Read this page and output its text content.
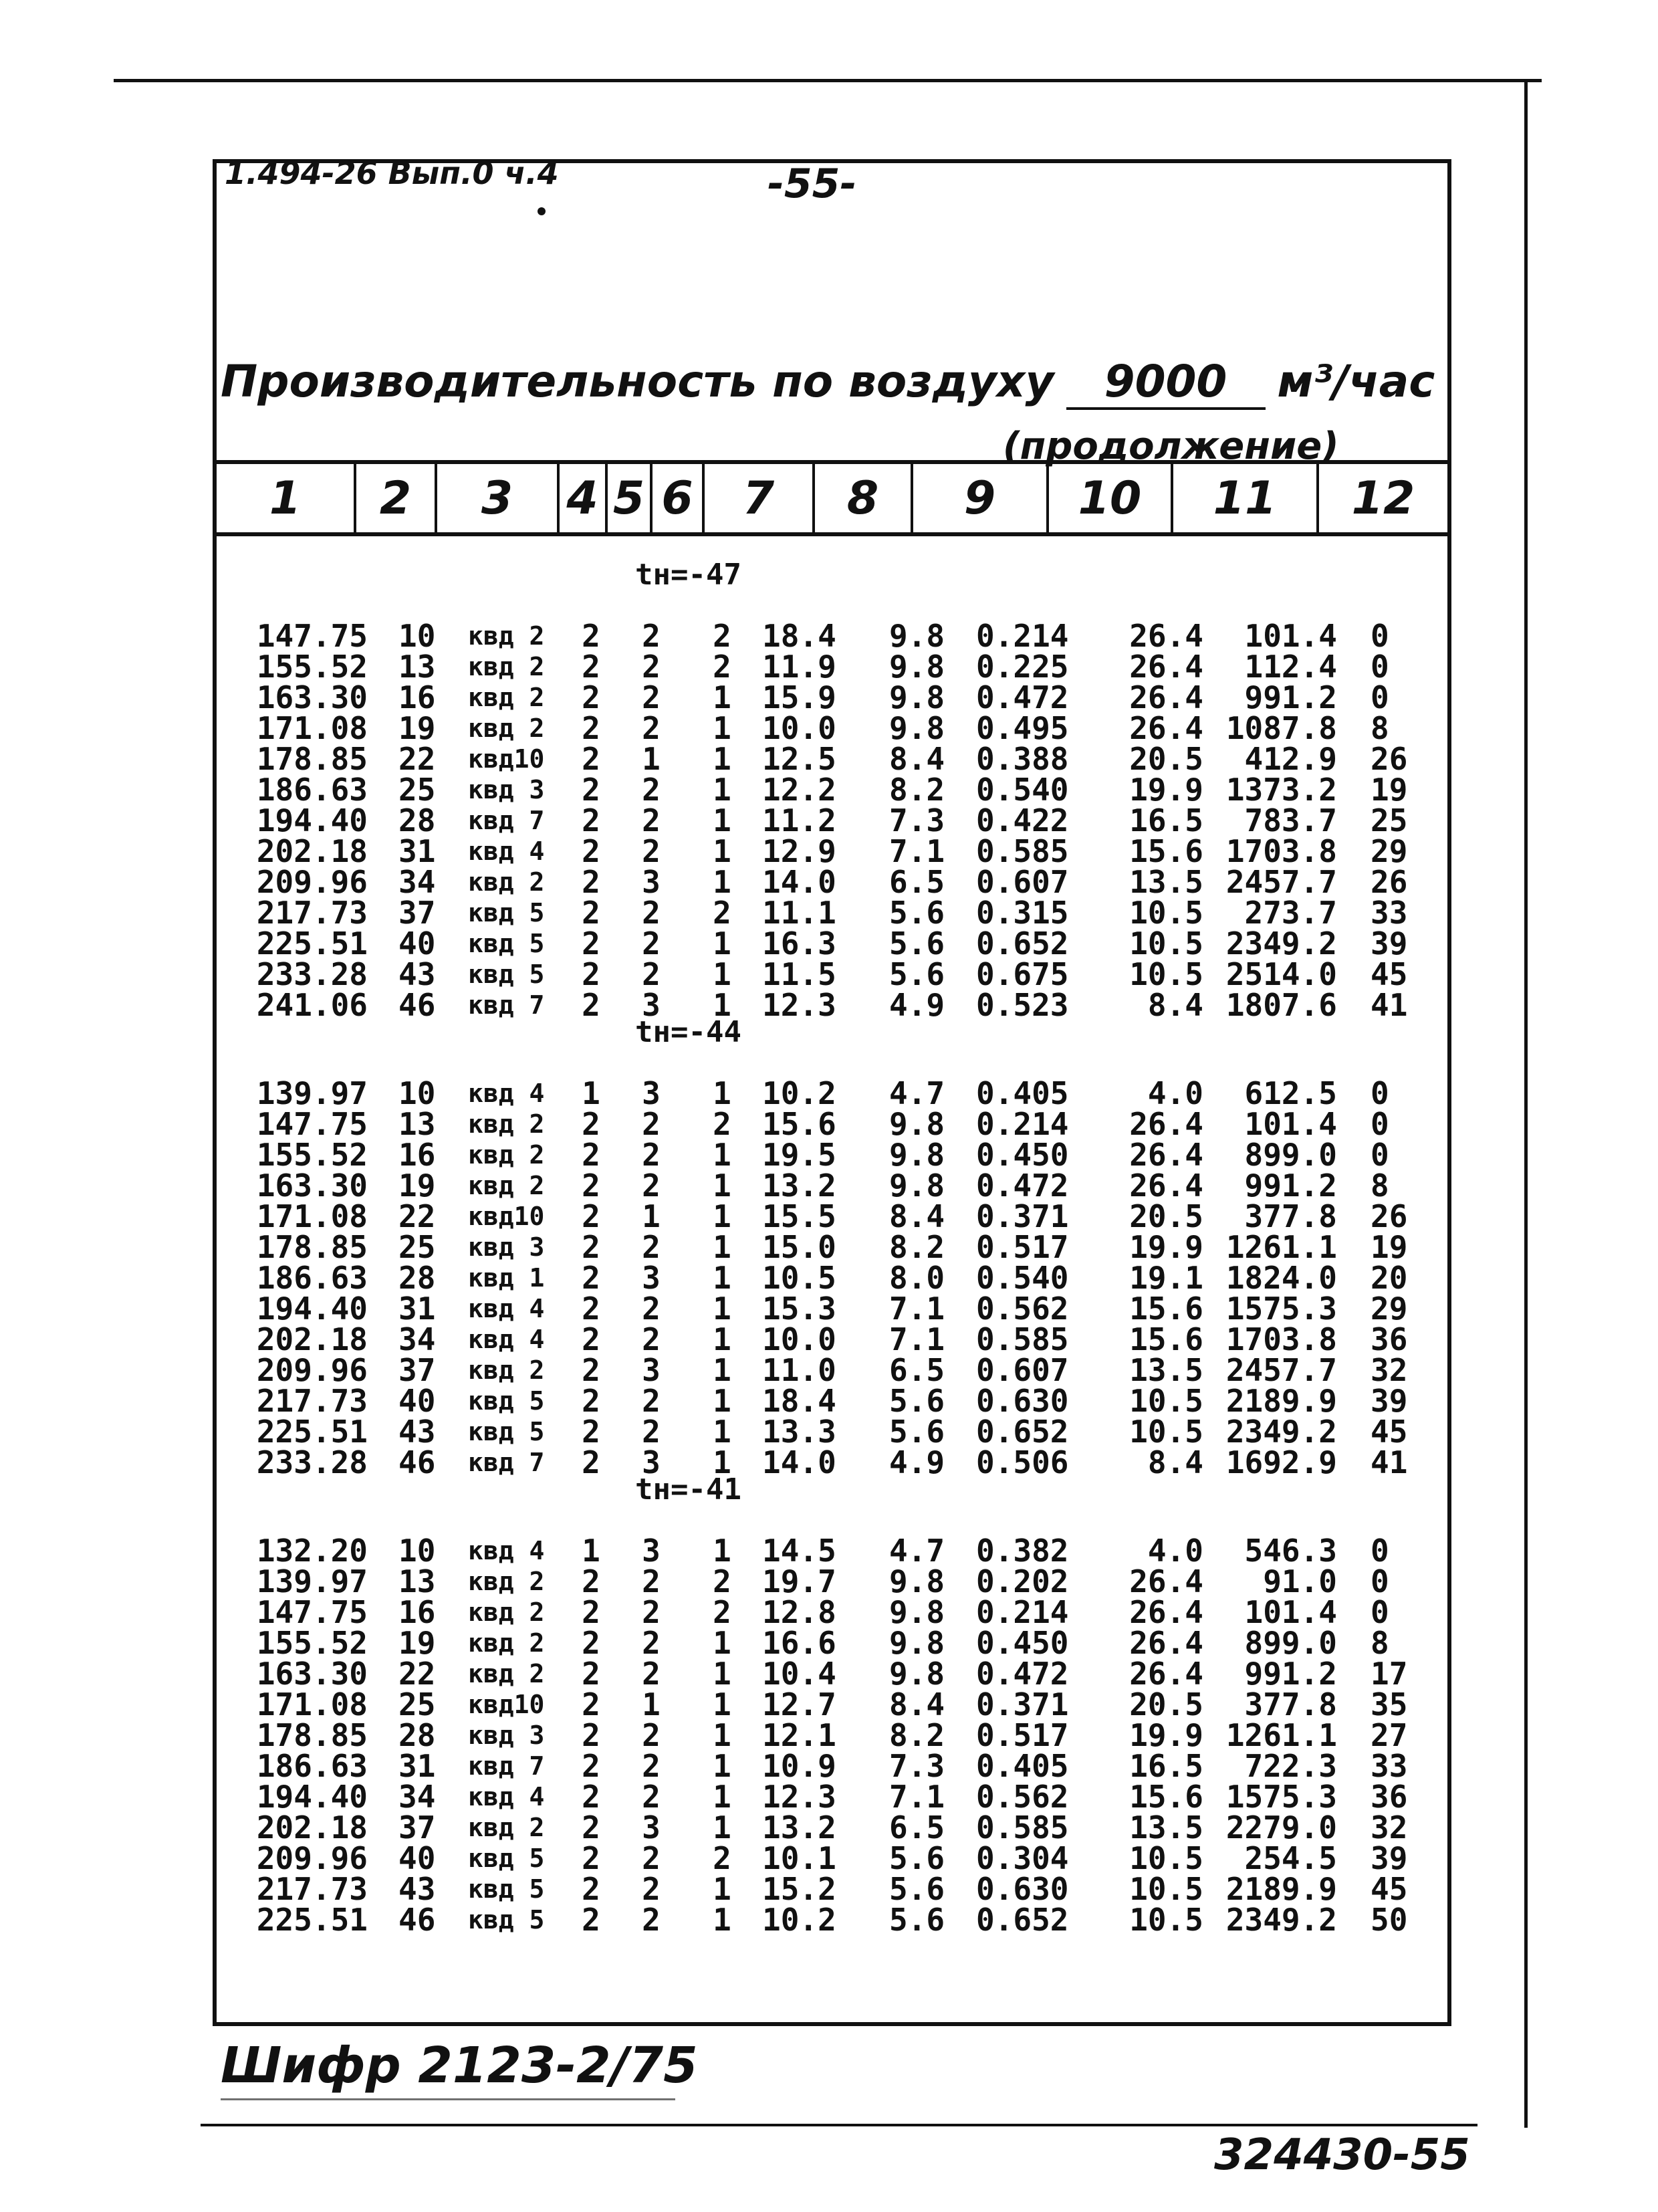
1.494-26 Вып.0 ч.4	-55-
Производительность по воздуху 9000 м³/час
(продолжение)
1	2	3	4 5 6	7	8	9	10	11	12
tн=-47
tн=-44
tн=-41
147.75 10	квд 2	2 2 2 18.4	9.8	0.214	26.4	101.4 0
155.52 13	квд 2	2 2 2 11.9	9.8	0.225	26.4	112.4 0
163.30 16	квд 2	2 2 1 15.9	9.8	0.472	26.4	991.2 0
171.08 19	квд 2	2 2 1 10.0	9.8	0.495	26.4 1087.8 8
178.85 22	квд10	2 1 1 12.5	8.4	0.388	20.5	412.9 26
186.63 25	квд 3	2 2 1 12.2	8.2	0.540	19.9 1373.2 19
194.40 28	квд 7	2 2 1 11.2	7.3	0.422	16.5	783.7 25
202.18 31	квд 4	2 2 1 12.9	7.1	0.585	15.6 1703.8 29
209.96 34	квд 2	2 3 1 14.0	6.5	0.607	13.5 2457.7 26
217.73 37	квд 5	2 2 2 11.1	5.6	0.315	10.5	273.7 33
225.51 40	квд 5	2 2 1 16.3	5.6	0.652	10.5 2349.2 39
233.28 43	квд 5	2 2 1 11.5	5.6	0.675	10.5 2514.0 45
241.06 46	квд 7	2 3 1 12.3	4.9	0.523	8.4 1807.6 41
139.97 10	квд 4	1 3 1 10.2	4.7	0.405	4.0	612.5 0
147.75 13	квд 2	2 2 2 15.6	9.8	0.214	26.4	101.4 0
155.52 16	квд 2	2 2 1 19.5	9.8	0.450	26.4	899.0 0
163.30 19	квд 2	2 2 1 13.2	9.8	0.472	26.4	991.2 8
171.08 22	квд10	2 1 1 15.5	8.4	0.371	20.5	377.8 26
178.85 25	квд 3	2 2 1 15.0	8.2	0.517	19.9 1261.1 19
186.63 28	квд 1	2 3 1 10.5	8.0	0.540	19.1 1824.0 20
194.40 31	квд 4	2 2 1 15.3	7.1	0.562	15.6 1575.3 29
202.18 34	квд 4	2 2 1 10.0	7.1	0.585	15.6 1703.8 36
209.96 37	квд 2	2 3 1 11.0	6.5	0.607	13.5 2457.7 32
217.73 40	квд 5	2 2 1 18.4	5.6	0.630	10.5 2189.9 39
225.51 43	квд 5	2 2 1 13.3	5.6	0.652	10.5 2349.2 45
233.28 46	квд 7	2 3 1 14.0	4.9	0.506	8.4 1692.9 41
132.20 10	квд 4	1 3 1 14.5	4.7	0.382	4.0	546.3 0
139.97 13	квд 2	2 2 2 19.7	9.8	0.202	26.4	91.0 0
147.75 16	квд 2	2 2 2 12.8	9.8	0.214	26.4	101.4 0
155.52 19	квд 2	2 2 1 16.6	9.8	0.450	26.4	899.0 8
163.30 22	квд 2	2 2 1 10.4	9.8	0.472	26.4	991.2 17
171.08 25	квд10	2 1 1 12.7	8.4	0.371	20.5	377.8 35
178.85 28	квд 3	2 2 1 12.1	8.2	0.517	19.9 1261.1 27
186.63 31	квд 7	2 2 1 10.9	7.3	0.405	16.5	722.3 33
194.40 34	квд 4	2 2 1 12.3	7.1	0.562	15.6 1575.3 36
202.18 37	квд 2	2 3 1 13.2	6.5	0.585	13.5 2279.0 32
209.96 40	квд 5	2 2 2 10.1	5.6	0.304	10.5	254.5 39
217.73 43	квд 5	2 2 1 15.2	5.6	0.630	10.5 2189.9 45
225.51 46	квд 5	2 2 1 10.2	5.6	0.652	10.5 2349.2 50
Шифр 2123-2/75
324430-55
